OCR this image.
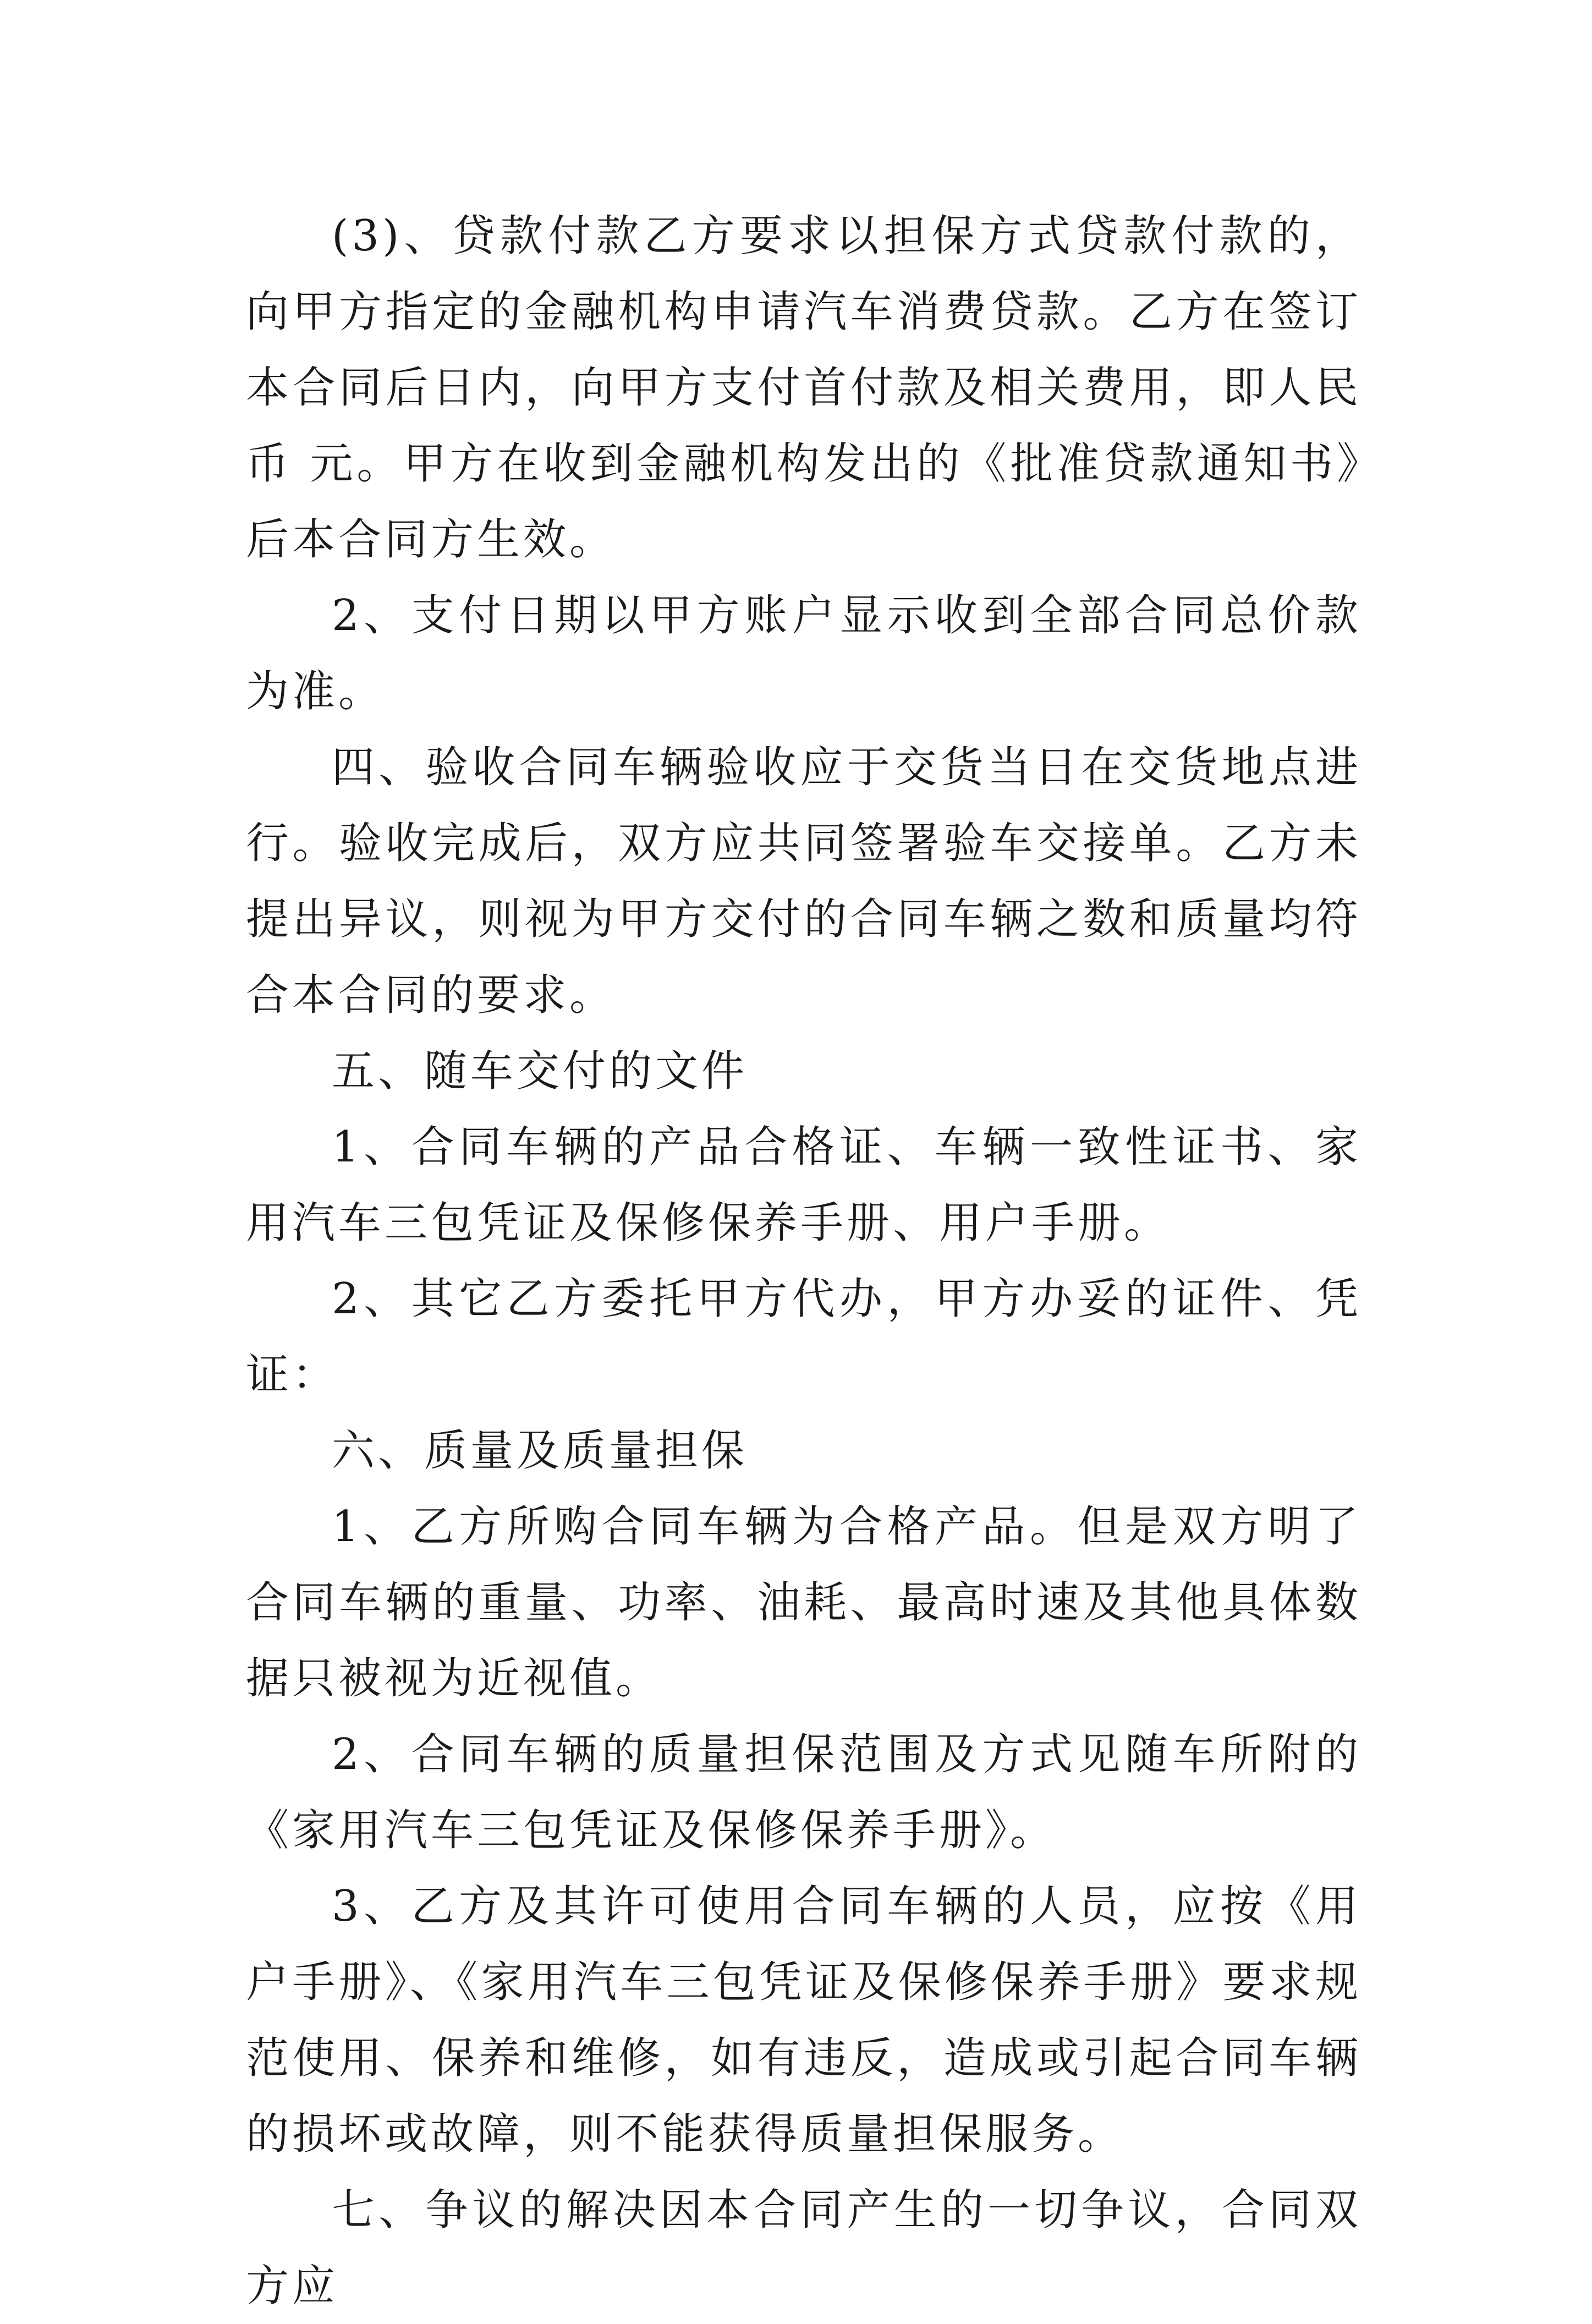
(3)、贷款付款乙方要求以担保方式贷款付款的，向甲方指定的金融机构申请汽车消费贷款。乙方在签订本合同后日内，向甲方支付首付款及相关费用，即人民币 元。甲方在收到金融机构发出的《批准贷款通知书》后本合同方生效。

2、支付日期以甲方账户显示收到全部合同总价款为准。

四、验收合同车辆验收应于交货当日在交货地点进行。验收完成后，双方应共同签署验车交接单。乙方未提出异议，则视为甲方交付的合同车辆之数和质量均符合本合同的要求。

五、随车交付的文件

1、合同车辆的产品合格证、车辆一致性证书、家用汽车三包凭证及保修保养手册、用户手册。

2、其它乙方委托甲方代办，甲方办妥的证件、凭证：

六、质量及质量担保

1、乙方所购合同车辆为合格产品。但是双方明了合同车辆的重量、功率、油耗、最高时速及其他具体数据只被视为近视值。

2、合同车辆的质量担保范围及方式见随车所附的《家用汽车三包凭证及保修保养手册》。

3、乙方及其许可使用合同车辆的人员，应按《用户手册》、《家用汽车三包凭证及保修保养手册》要求规范使用、保养和维修，如有违反，造成或引起合同车辆的损坏或故障，则不能获得质量担保服务。

七、争议的解决因本合同产生的一切争议，合同双方应
